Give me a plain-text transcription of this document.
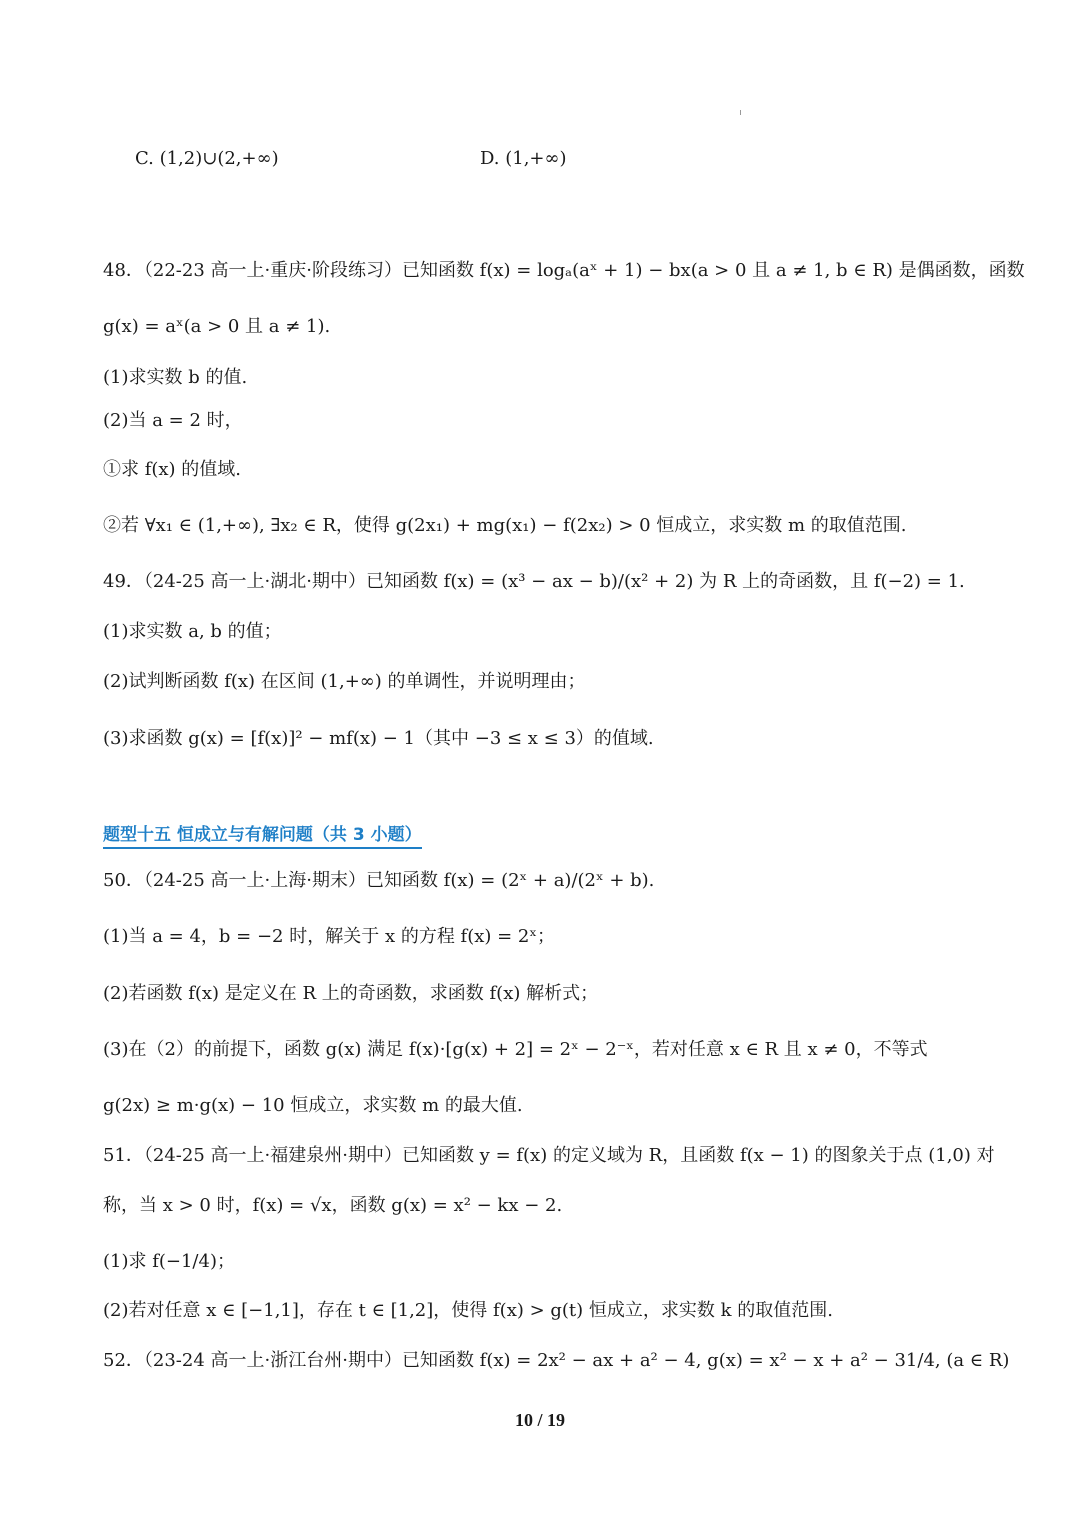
C. (1,2)∪(2,+∞)	D. (1,+∞)
48．（22-23 高一上·重庆·阶段练习）已知函数 f(x) = logₐ(aˣ + 1) − bx(a > 0 且 a ≠ 1, b ∈ R) 是偶函数，函数
g(x) = aˣ(a > 0 且 a ≠ 1).
(1)求实数 b 的值.
(2)当 a = 2 时，
①求 f(x) 的值域.
②若 ∀x₁ ∈ (1,+∞), ∃x₂ ∈ R，使得 g(2x₁) + mg(x₁) − f(2x₂) > 0 恒成立，求实数 m 的取值范围.
49．（24-25 高一上·湖北·期中）已知函数 f(x) = (x³ − ax − b)/(x² + 2) 为 R 上的奇函数，且 f(−2) = 1.
(1)求实数 a, b 的值；
(2)试判断函数 f(x) 在区间 (1,+∞) 的单调性，并说明理由；
(3)求函数 g(x) = [f(x)]² − mf(x) − 1（其中 −3 ≤ x ≤ 3）的值域.
题型十五 恒成立与有解问题（共 3 小题）
50．（24-25 高一上·上海·期末）已知函数 f(x) = (2ˣ + a)/(2ˣ + b).
(1)当 a = 4，b = −2 时，解关于 x 的方程 f(x) = 2ˣ；
(2)若函数 f(x) 是定义在 R 上的奇函数，求函数 f(x) 解析式；
(3)在（2）的前提下，函数 g(x) 满足 f(x)·[g(x) + 2] = 2ˣ − 2⁻ˣ，若对任意 x ∈ R 且 x ≠ 0，不等式
g(2x) ≥ m·g(x) − 10 恒成立，求实数 m 的最大值.
51．（24-25 高一上·福建泉州·期中）已知函数 y = f(x) 的定义域为 R，且函数 f(x − 1) 的图象关于点 (1,0) 对
称，当 x > 0 时，f(x) = √x，函数 g(x) = x² − kx − 2.
(1)求 f(−1/4)；
(2)若对任意 x ∈ [−1,1]，存在 t ∈ [1,2]，使得 f(x) > g(t) 恒成立，求实数 k 的取值范围.
52．（23-24 高一上·浙江台州·期中）已知函数 f(x) = 2x² − ax + a² − 4, g(x) = x² − x + a² − 31/4, (a ∈ R)
10 / 19
